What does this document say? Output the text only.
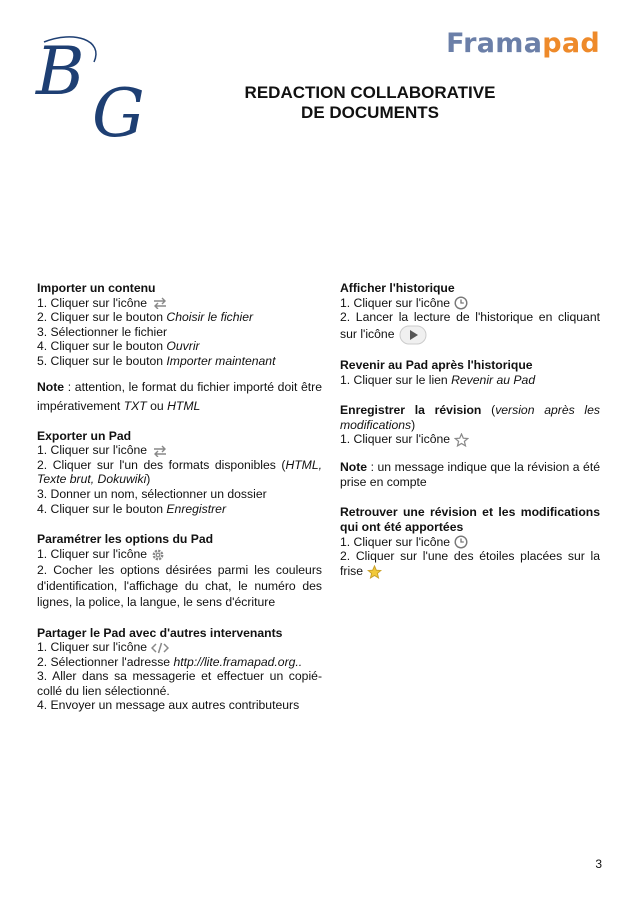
B
G
Framapad
REDACTION COLLABORATIVE
DE DOCUMENTS
Importer un contenu
1. Cliquer sur l'icône
2. Cliquer sur le bouton Choisir le fichier
3. Sélectionner le fichier
4. Cliquer sur le bouton Ouvrir
5. Cliquer sur le bouton Importer maintenant
Note : attention, le format du fichier importé doit être impérativement TXT ou HTML
Exporter un Pad
1. Cliquer sur l'icône
2. Cliquer sur l'un des formats disponibles (HTML, Texte brut, Dokuwiki)
3. Donner un nom, sélectionner un dossier
4. Cliquer sur le bouton Enregistrer
Paramétrer les options du Pad
1. Cliquer sur l'icône
2. Cocher les options désirées parmi les couleurs d'identification, l'affichage du chat, le numéro des lignes, la police, la langue, le sens d'écriture
Partager le Pad avec d'autres intervenants
1. Cliquer sur l'icône
2. Sélectionner l'adresse http://lite.framapad.org..
3. Aller dans sa messagerie et effectuer un copié-collé du lien sélectionné.
4. Envoyer un message aux autres contributeurs
Afficher l'historique
1. Cliquer sur l'icône
2. Lancer la lecture de l'historique en cliquant sur l'icône
Revenir au Pad après l'historique
1. Cliquer sur le lien Revenir au Pad
Enregistrer la révision (version après les modifications)
1. Cliquer sur l'icône
Note : un message indique que la révision a été prise en compte
Retrouver une révision et les modifications qui ont été apportées
1. Cliquer sur l'icône
2. Cliquer sur l'une des étoiles placées sur la frise
3
